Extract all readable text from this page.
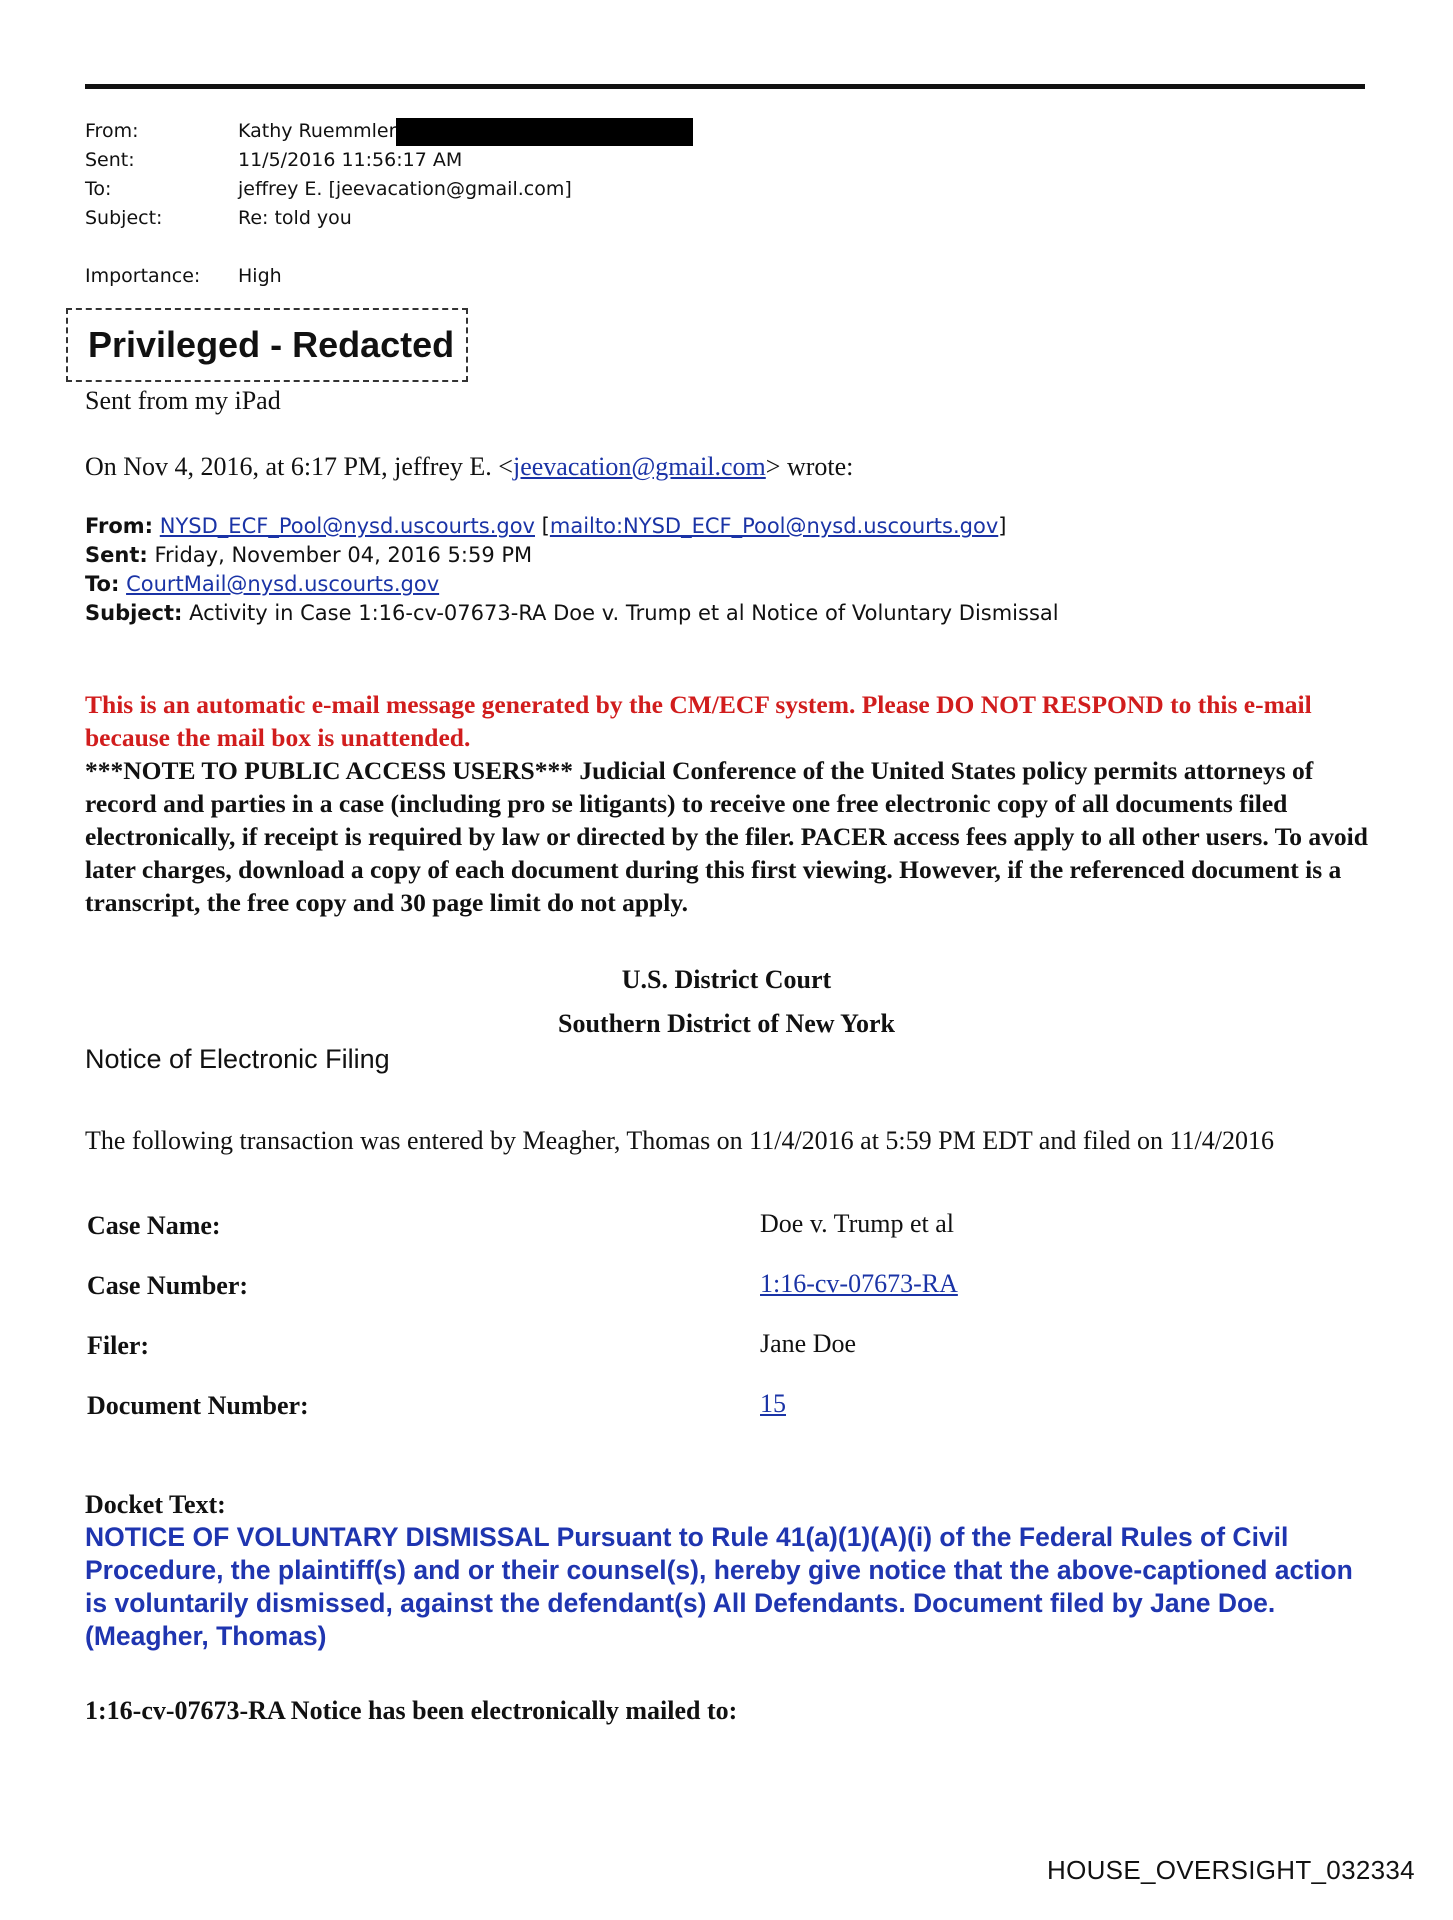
From:	Kathy Ruemmler
Sent:	11/5/2016 11:56:17 AM
To:	jeffrey E. [jeevacation@gmail.com]
Subject:	Re: told you
Importance: High
Privileged - Redacted
Sent from my iPad
On Nov 4, 2016, at 6:17 PM, jeffrey E. <jeevacation@gmail.com> wrote:
From: NYSD_ECF_Pool@nysd.uscourts.gov [mailto:NYSD_ECF_Pool@nysd.uscourts.gov]
Sent: Friday, November 04, 2016 5:59 PM
To: CourtMail@nysd.uscourts.gov
Subject: Activity in Case 1:16-cv-07673-RA Doe v. Trump et al Notice of Voluntary Dismissal
This is an automatic e-mail message generated by the CM/ECF system. Please DO NOT RESPOND to this e-mail because the mail box is unattended.
***NOTE TO PUBLIC ACCESS USERS*** Judicial Conference of the United States policy permits attorneys of record and parties in a case (including pro se litigants) to receive one free electronic copy of all documents filed electronically, if receipt is required by law or directed by the filer. PACER access fees apply to all other users. To avoid later charges, download a copy of each document during this first viewing. However, if the referenced document is a transcript, the free copy and 30 page limit do not apply.
U.S. District Court
Southern District of New York
Notice of Electronic Filing
The following transaction was entered by Meagher, Thomas on 11/4/2016 at 5:59 PM EDT and filed on 11/4/2016
Case Name:	Doe v. Trump et al
Case Number:	1:16-cv-07673-RA
Filer:	Jane Doe
Document Number:	15
Docket Text:
NOTICE OF VOLUNTARY DISMISSAL Pursuant to Rule 41(a)(1)(A)(i) of the Federal Rules of Civil Procedure, the plaintiff(s) and or their counsel(s), hereby give notice that the above-captioned action is voluntarily dismissed, against the defendant(s) All Defendants. Document filed by Jane Doe. (Meagher, Thomas)
1:16-cv-07673-RA Notice has been electronically mailed to:
HOUSE_OVERSIGHT_032334
